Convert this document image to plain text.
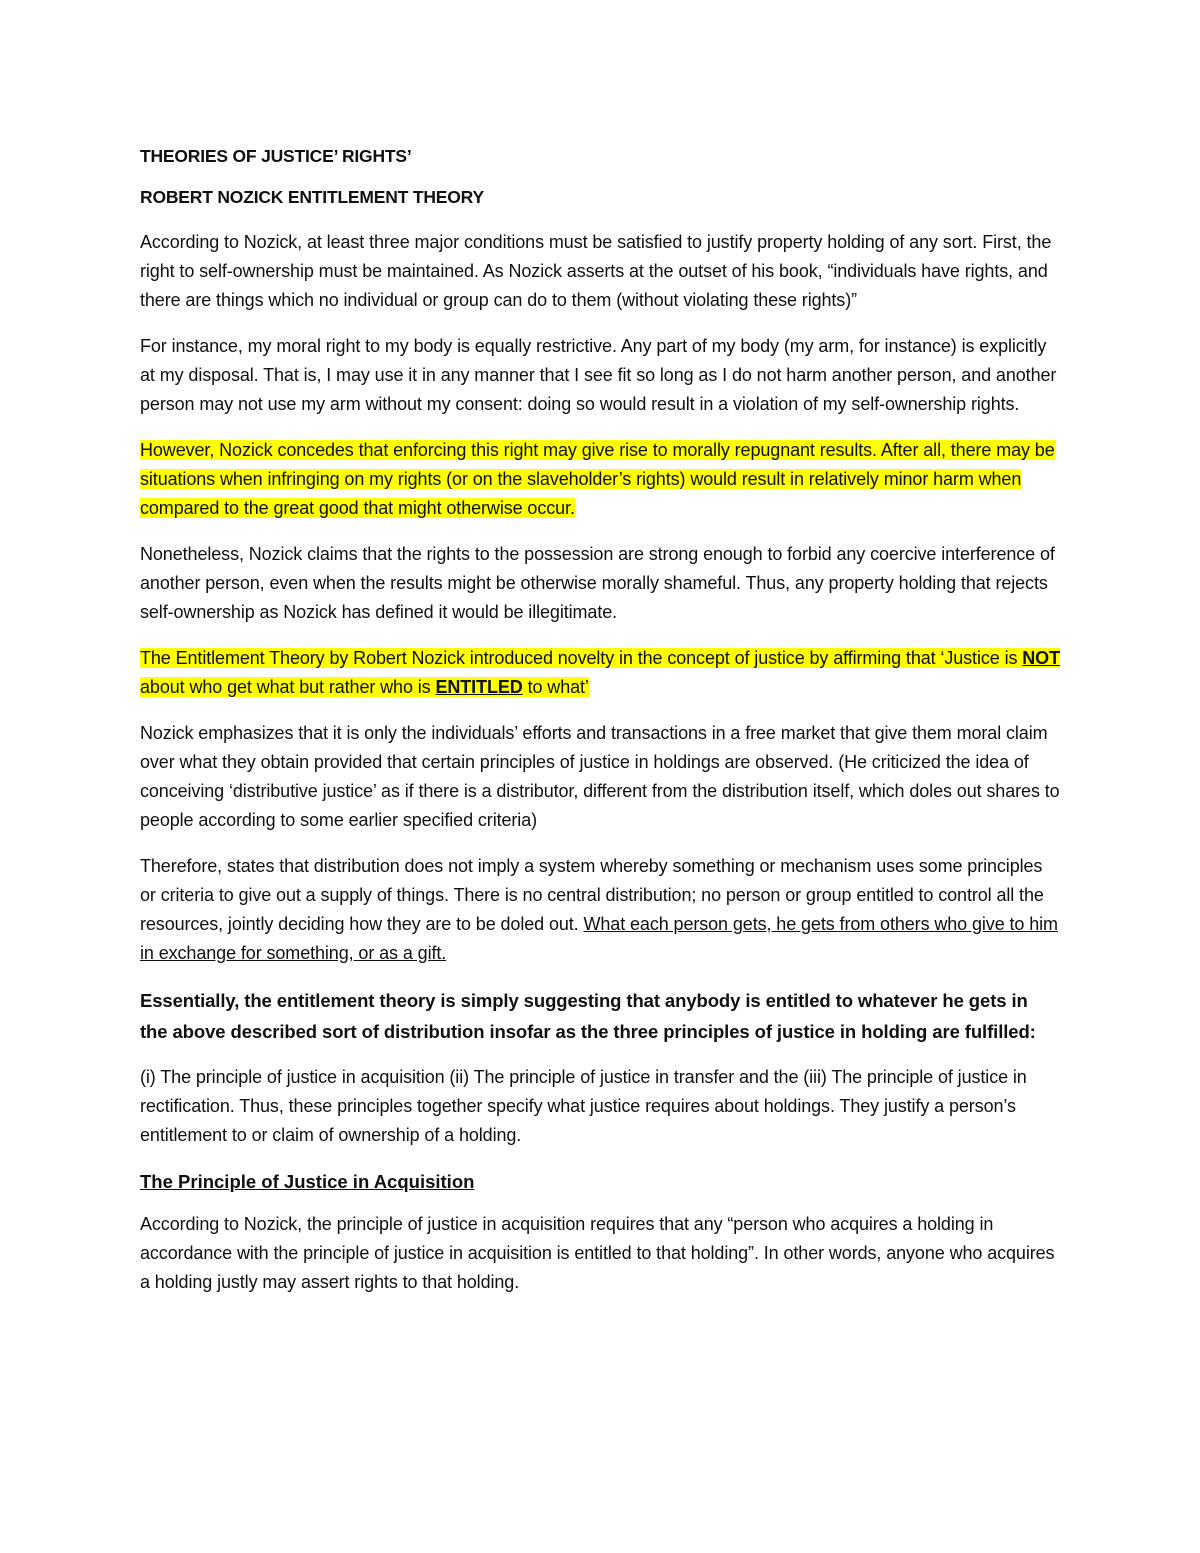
THEORIES OF JUSTICE’ RIGHTS’
ROBERT NOZICK ENTITLEMENT THEORY

According to Nozick, at least three major conditions must be satisfied to justify property holding of any sort. First, the right to self-ownership must be maintained. As Nozick asserts at the outset of his book, “individuals have rights, and there are things which no individual or group can do to them (without violating these rights)”

For instance, my moral right to my body is equally restrictive. Any part of my body (my arm, for instance) is explicitly at my disposal. That is, I may use it in any manner that I see fit so long as I do not harm another person, and another person may not use my arm without my consent: doing so would result in a violation of my self-ownership rights.

However, Nozick concedes that enforcing this right may give rise to morally repugnant results. After all, there may be situations when infringing on my rights (or on the slaveholder’s rights) would result in relatively minor harm when compared to the great good that might otherwise occur.

Nonetheless, Nozick claims that the rights to the possession are strong enough to forbid any coercive interference of another person, even when the results might be otherwise morally shameful. Thus, any property holding that rejects self-ownership as Nozick has defined it would be illegitimate.

The Entitlement Theory by Robert Nozick introduced novelty in the concept of justice by affirming that ‘Justice is NOT about who get what but rather who is ENTITLED to what’

Nozick emphasizes that it is only the individuals’ efforts and transactions in a free market that give them moral claim over what they obtain provided that certain principles of justice in holdings are observed. (He criticized the idea of conceiving ‘distributive justice’ as if there is a distributor, different from the distribution itself, which doles out shares to people according to some earlier specified criteria)

Therefore, states that distribution does not imply a system whereby something or mechanism uses some principles or criteria to give out a supply of things. There is no central distribution; no person or group entitled to control all the resources, jointly deciding how they are to be doled out. What each person gets, he gets from others who give to him in exchange for something, or as a gift.

Essentially, the entitlement theory is simply suggesting that anybody is entitled to whatever he gets in the above described sort of distribution insofar as the three principles of justice in holding are fulfilled:

(i) The principle of justice in acquisition (ii) The principle of justice in transfer and the (iii) The principle of justice in rectification. Thus, these principles together specify what justice requires about holdings. They justify a person’s entitlement to or claim of ownership of a holding.

The Principle of Justice in Acquisition

According to Nozick, the principle of justice in acquisition requires that any “person who acquires a holding in accordance with the principle of justice in acquisition is entitled to that holding”. In other words, anyone who acquires a holding justly may assert rights to that holding.
